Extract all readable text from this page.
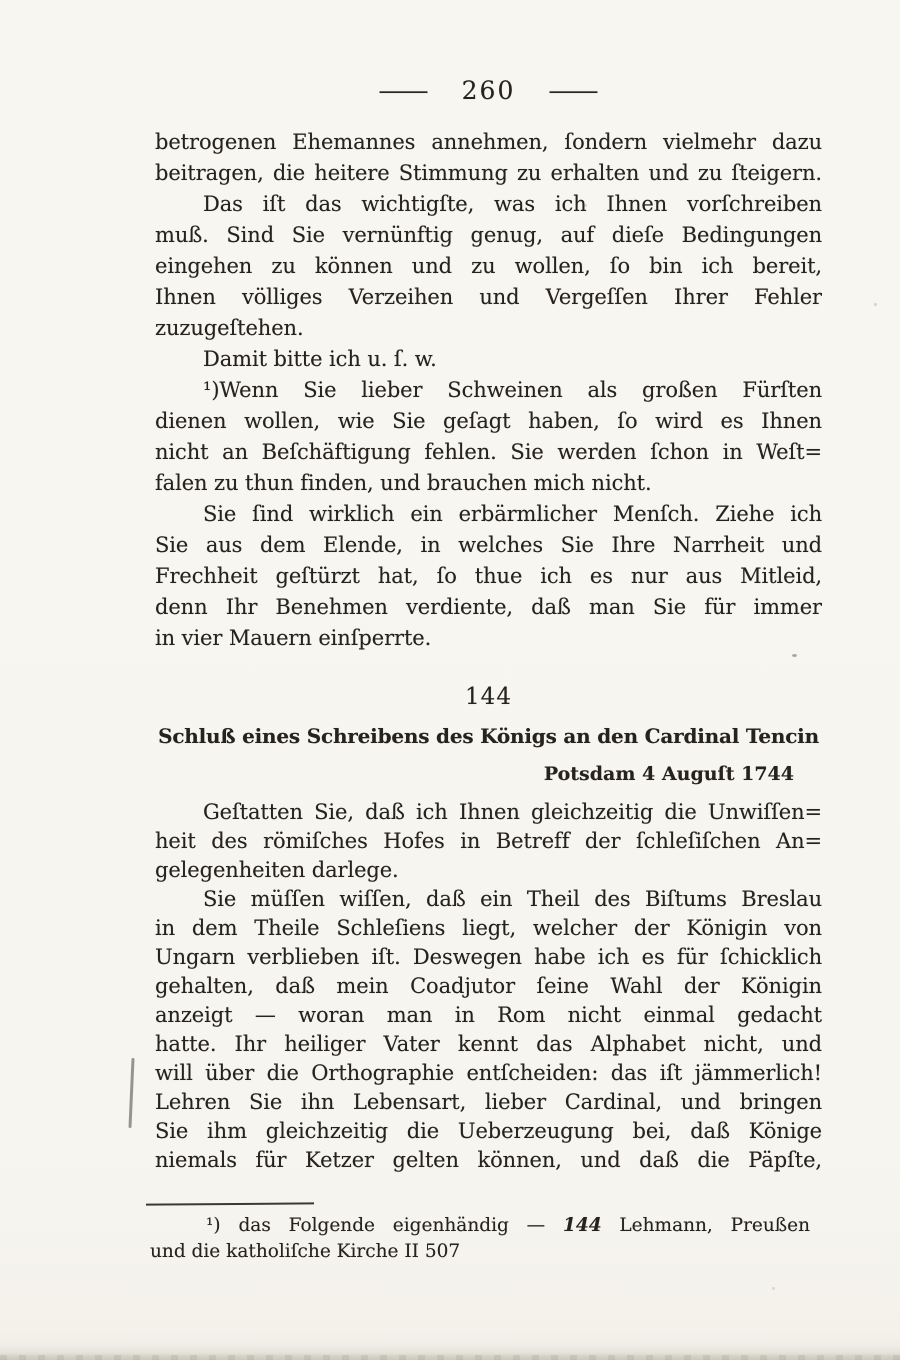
— 260 —
betrogenen Ehemannes annehmen, ſondern vielmehr dazu
beitragen, die heitere Stimmung zu erhalten und zu ſteigern.
Das iſt das wichtigſte, was ich Ihnen vorſchreiben
muß. Sind Sie vernünftig genug, auf dieſe Bedingungen
eingehen zu können und zu wollen, ſo bin ich bereit,
Ihnen völliges Verzeihen und Vergeſſen Ihrer Fehler
zuzugeſtehen.
Damit bitte ich u. ſ. w.
¹)Wenn Sie lieber Schweinen als großen Fürſten
dienen wollen, wie Sie geſagt haben, ſo wird es Ihnen
nicht an Beſchäftigung fehlen. Sie werden ſchon in Weſt=
falen zu thun finden, und brauchen mich nicht.
Sie ſind wirklich ein erbärmlicher Menſch. Ziehe ich
Sie aus dem Elende, in welches Sie Ihre Narrheit und
Frechheit geſtürzt hat, ſo thue ich es nur aus Mitleid,
denn Ihr Benehmen verdiente, daß man Sie für immer
in vier Mauern einſperrte.
144
Schluß eines Schreibens des Königs an den Cardinal Tencin
Potsdam 4 Auguſt 1744
Geſtatten Sie, daß ich Ihnen gleichzeitig die Unwiſſen=
heit des römiſches Hofes in Betreff der ſchleſiſchen An=
gelegenheiten darlege.
Sie müſſen wiſſen, daß ein Theil des Biſtums Breslau
in dem Theile Schleſiens liegt, welcher der Königin von
Ungarn verblieben iſt. Deswegen habe ich es für ſchicklich
gehalten, daß mein Coadjutor ſeine Wahl der Königin
anzeigt — woran man in Rom nicht einmal gedacht
hatte. Ihr heiliger Vater kennt das Alphabet nicht, und
will über die Orthographie entſcheiden: das iſt jämmerlich!
Lehren Sie ihn Lebensart, lieber Cardinal, und bringen
Sie ihm gleichzeitig die Ueberzeugung bei, daß Könige
niemals für Ketzer gelten können, und daß die Päpſte,
¹) das Folgende eigenhändig — 144 Lehmann, Preußen
und die katholiſche Kirche II 507
